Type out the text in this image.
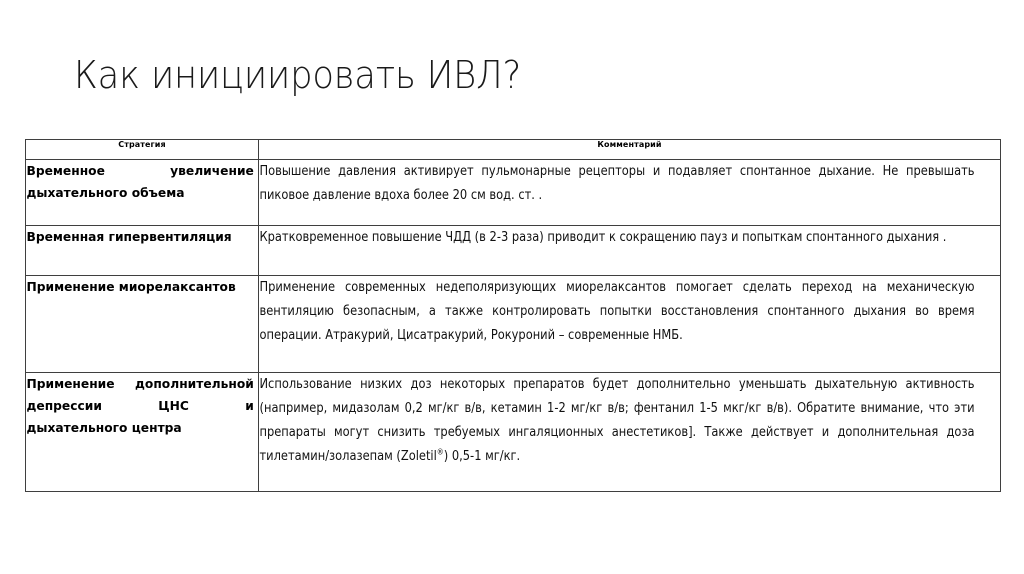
Как инициировать ИВЛ?
Стратегия	Комментарий
Временное увеличение дыхательного объема	Повышение давления активирует пульмонарные рецепторы и подавляет спонтанное дыхание. Не превышать пиковое давление вдоха более 20 см вод. ст. .
Временная гипервентиляция	Кратковременное повышение ЧДД (в 2-3 раза) приводит к сокращению пауз и попыткам спонтанного дыхания .
Применение миорелаксантов	Применение современных недеполяризующих миорелаксантов помогает сделать переход на механическую вентиляцию безопасным, а также контролировать попытки восстановления спонтанного дыхания во время операции. Атракурий, Цисатракурий, Рокуроний – современные НМБ.
Применение дополнительной депрессии ЦНС и дыхательного центра	Использование низких доз некоторых препаратов будет дополнительно уменьшать дыхательную активность (например, мидазолам 0,2 мг/кг в/в, кетамин 1-2 мг/кг в/в; фентанил 1-5 мкг/кг в/в). Обратите внимание, что эти препараты могут снизить требуемых ингаляционных анестетиков]. Также действует и дополнительная доза тилетамин/золазепам (Zoletil®) 0,5-1 мг/кг.
